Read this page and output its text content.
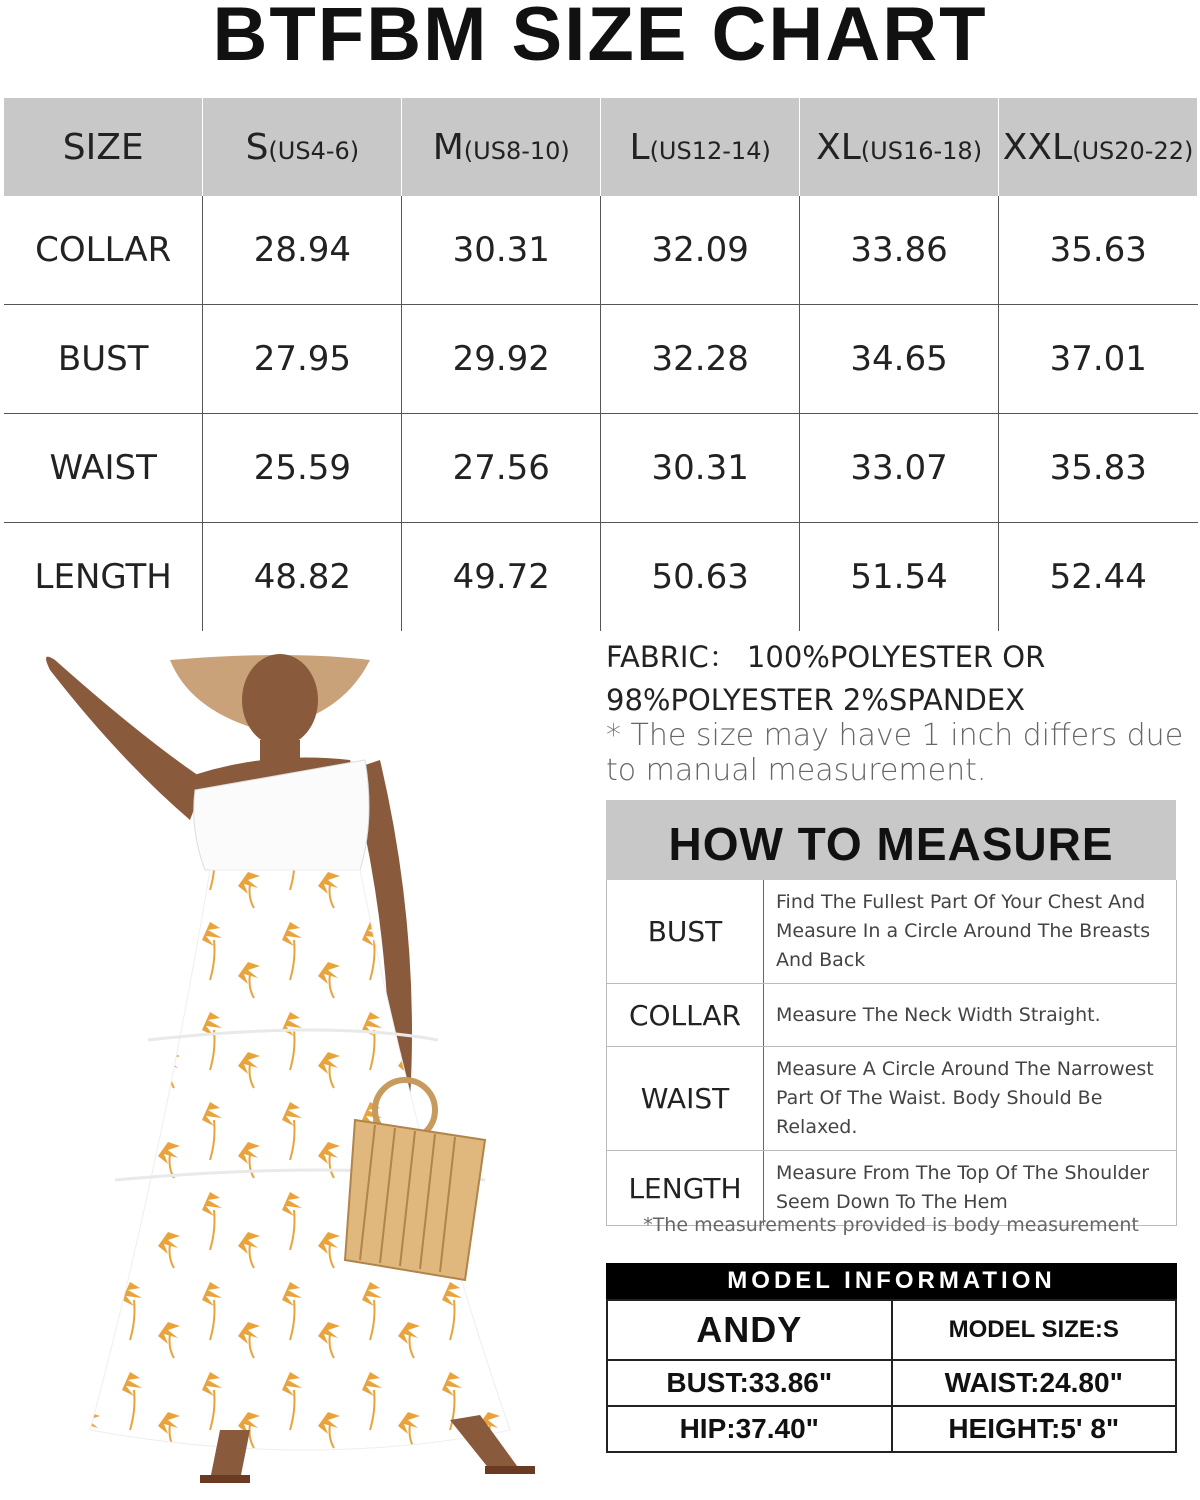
BTFBM SIZE CHART
SIZE	S(US4-6)	M(US8-10)	L(US12-14)	XL(US16-18)	XXL(US20-22)
COLLAR	28.94	30.31	32.09	33.86	35.63
BUST	27.95	29.92	32.28	34.65	37.01
WAIST	25.59	27.56	30.31	33.07	35.83
LENGTH	48.82	49.72	50.63	51.54	52.44
FABRIC： 100%POLYESTER OR
98%POLYESTER 2%SPANDEX
* The size may have 1 inch differs due to manual measurement.
HOW TO MEASURE
BUST	Find The Fullest Part Of Your Chest And Measure In a Circle Around The Breasts And Back
COLLAR	Measure The Neck Width Straight.
WAIST	Measure A Circle Around The Narrowest Part Of The Waist. Body Should Be Relaxed.
LENGTH	Measure From The Top Of The Shoulder Seem Down To The Hem
*The measurements provided is body measurement
MODEL INFORMATION
ANDY	MODEL SIZE:S
BUST:33.86"	WAIST:24.80"
HIP:37.40"	HEIGHT:5' 8"
